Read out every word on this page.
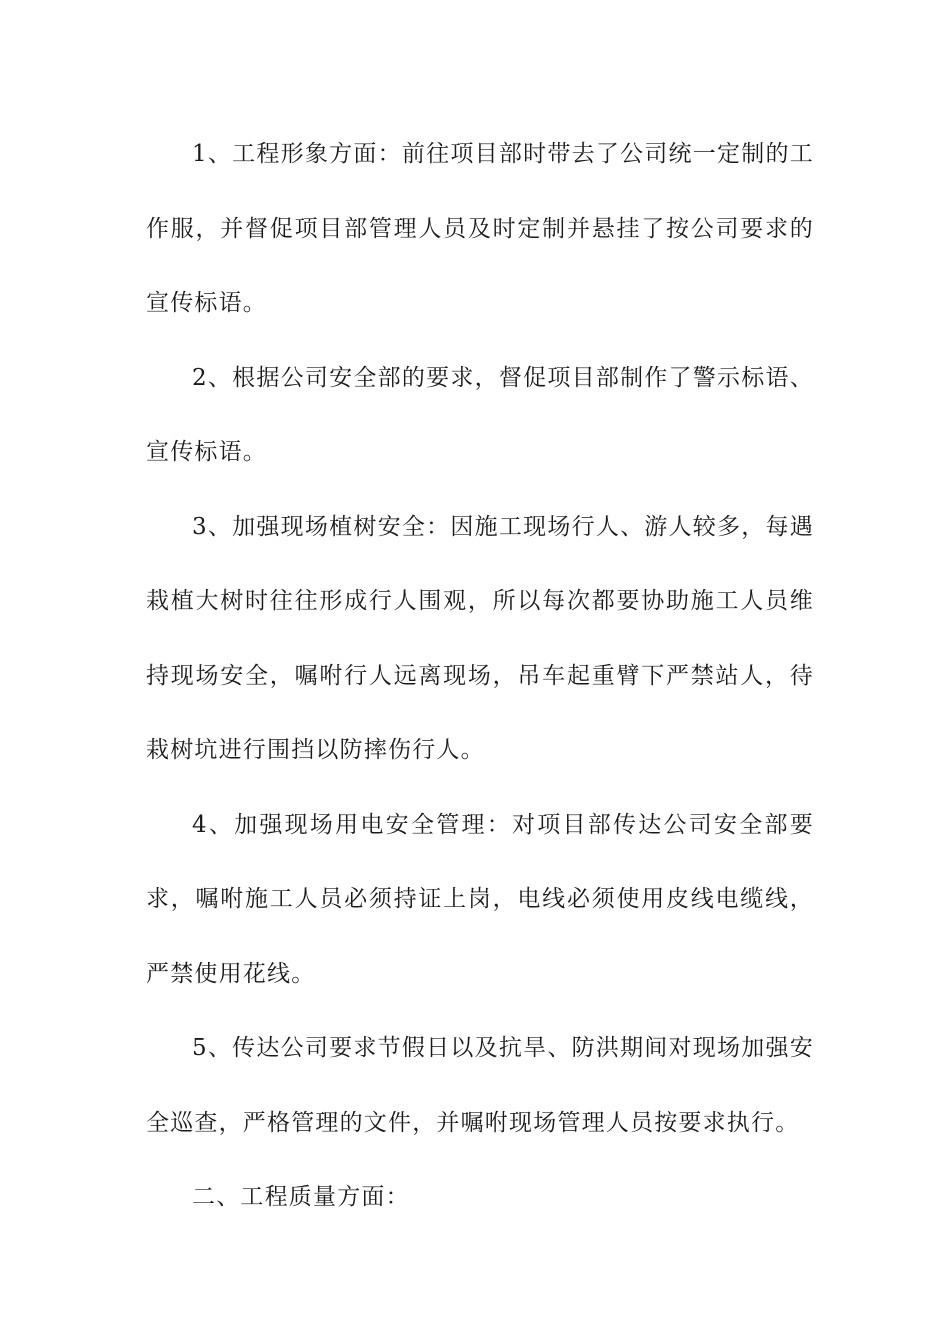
1、工程形象方面：前往项目部时带去了公司统一定制的工作服，并督促项目部管理人员及时定制并悬挂了按公司要求的宣传标语。

2、根据公司安全部的要求，督促项目部制作了警示标语、宣传标语。

3、加强现场植树安全：因施工现场行人、游人较多，每遇栽植大树时往往形成行人围观，所以每次都要协助施工人员维持现场安全，嘱咐行人远离现场，吊车起重臂下严禁站人，待栽树坑进行围挡以防摔伤行人。

4、加强现场用电安全管理：对项目部传达公司安全部要求，嘱咐施工人员必须持证上岗，电线必须使用皮线电缆线，严禁使用花线。

5、传达公司要求节假日以及抗旱、防洪期间对现场加强安全巡查，严格管理的文件，并嘱咐现场管理人员按要求执行。

二、工程质量方面：
